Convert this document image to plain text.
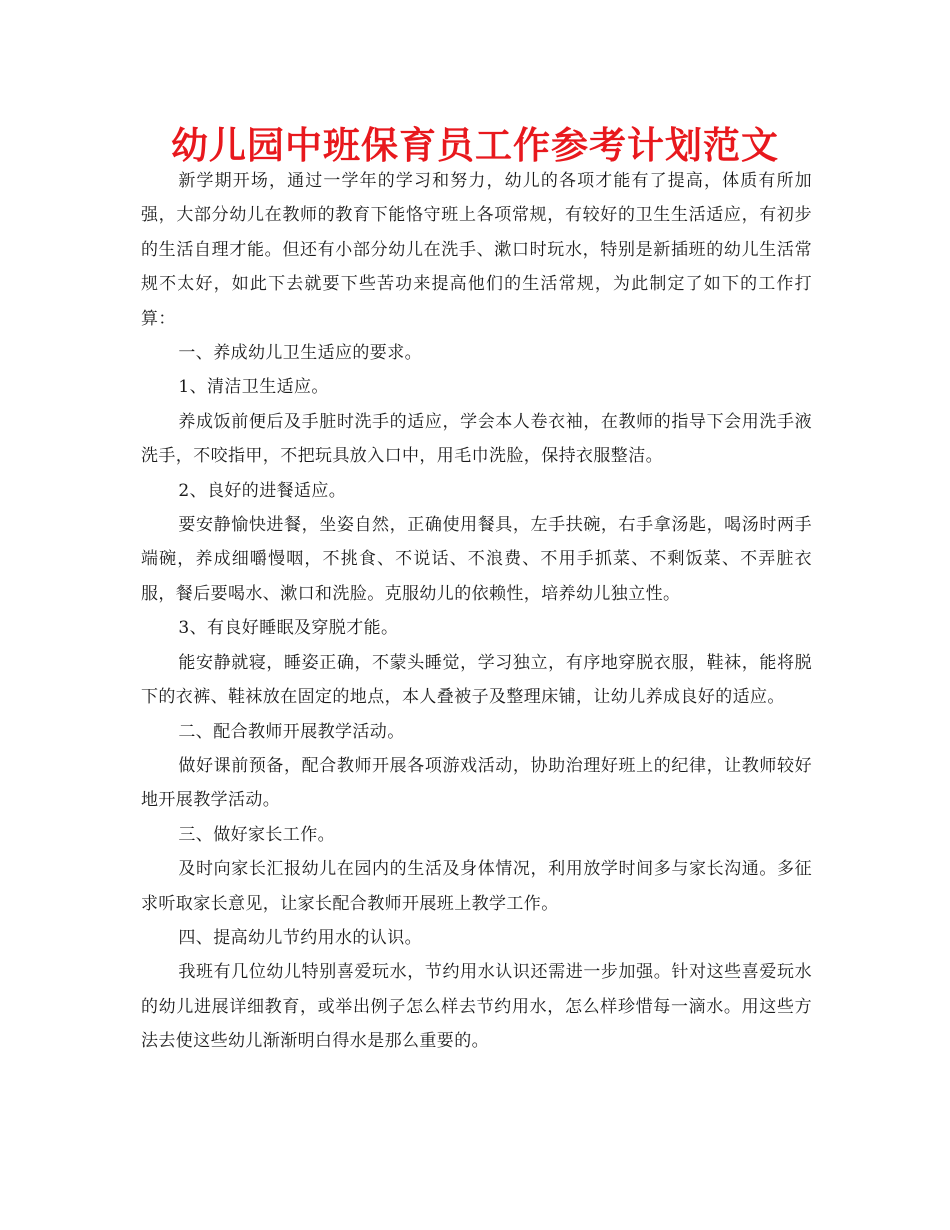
幼儿园中班保育员工作参考计划范文

新学期开场，通过一学年的学习和努力，幼儿的各项才能有了提高，体质有所加强，大部分幼儿在教师的教育下能恪守班上各项常规，有较好的卫生生活适应，有初步的生活自理才能。但还有小部分幼儿在洗手、漱口时玩水，特别是新插班的幼儿生活常规不太好，如此下去就要下些苦功来提高他们的生活常规，为此制定了如下的工作打算：

一、养成幼儿卫生适应的要求。

1、清洁卫生适应。

养成饭前便后及手脏时洗手的适应，学会本人卷衣袖，在教师的指导下会用洗手液洗手，不咬指甲，不把玩具放入口中，用毛巾洗脸，保持衣服整洁。

2、良好的进餐适应。

要安静愉快进餐，坐姿自然，正确使用餐具，左手扶碗，右手拿汤匙，喝汤时两手端碗，养成细嚼慢咽，不挑食、不说话、不浪费、不用手抓菜、不剩饭菜、不弄脏衣服，餐后要喝水、漱口和洗脸。克服幼儿的依赖性，培养幼儿独立性。

3、有良好睡眠及穿脱才能。

能安静就寝，睡姿正确，不蒙头睡觉，学习独立，有序地穿脱衣服，鞋袜，能将脱下的衣裤、鞋袜放在固定的地点，本人叠被子及整理床铺，让幼儿养成良好的适应。

二、配合教师开展教学活动。

做好课前预备，配合教师开展各项游戏活动，协助治理好班上的纪律，让教师较好地开展教学活动。

三、做好家长工作。

及时向家长汇报幼儿在园内的生活及身体情况，利用放学时间多与家长沟通。多征求听取家长意见，让家长配合教师开展班上教学工作。

四、提高幼儿节约用水的认识。

我班有几位幼儿特别喜爱玩水，节约用水认识还需进一步加强。针对这些喜爱玩水的幼儿进展详细教育，或举出例子怎么样去节约用水，怎么样珍惜每一滴水。用这些方法去使这些幼儿渐渐明白得水是那么重要的。
